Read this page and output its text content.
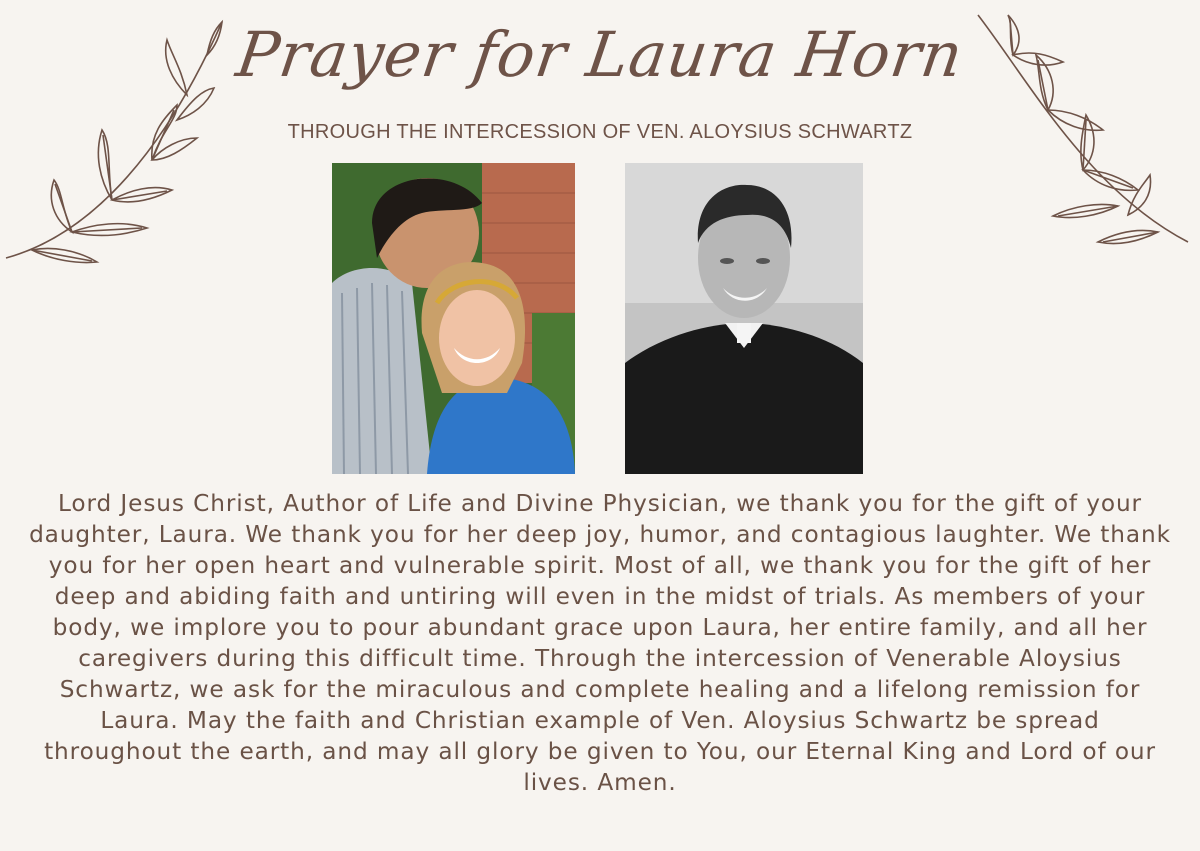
Prayer for Laura Horn
THROUGH THE INTERCESSION OF VEN. ALOYSIUS SCHWARTZ
Lord Jesus Christ, Author of Life and Divine Physician, we thank you for the gift of your daughter, Laura. We thank you for her deep joy, humor, and contagious laughter. We thank you for her open heart and vulnerable spirit. Most of all, we thank you for the gift of her deep and abiding faith and untiring will even in the midst of trials. As members of your body, we implore you to pour abundant grace upon Laura, her entire family, and all her caregivers during this difficult time. Through the intercession of Venerable Aloysius Schwartz, we ask for the miraculous and complete healing and a lifelong remission for Laura. May the faith and Christian example of Ven. Aloysius Schwartz be spread throughout the earth, and may all glory be given to You, our Eternal King and Lord of our lives. Amen.
